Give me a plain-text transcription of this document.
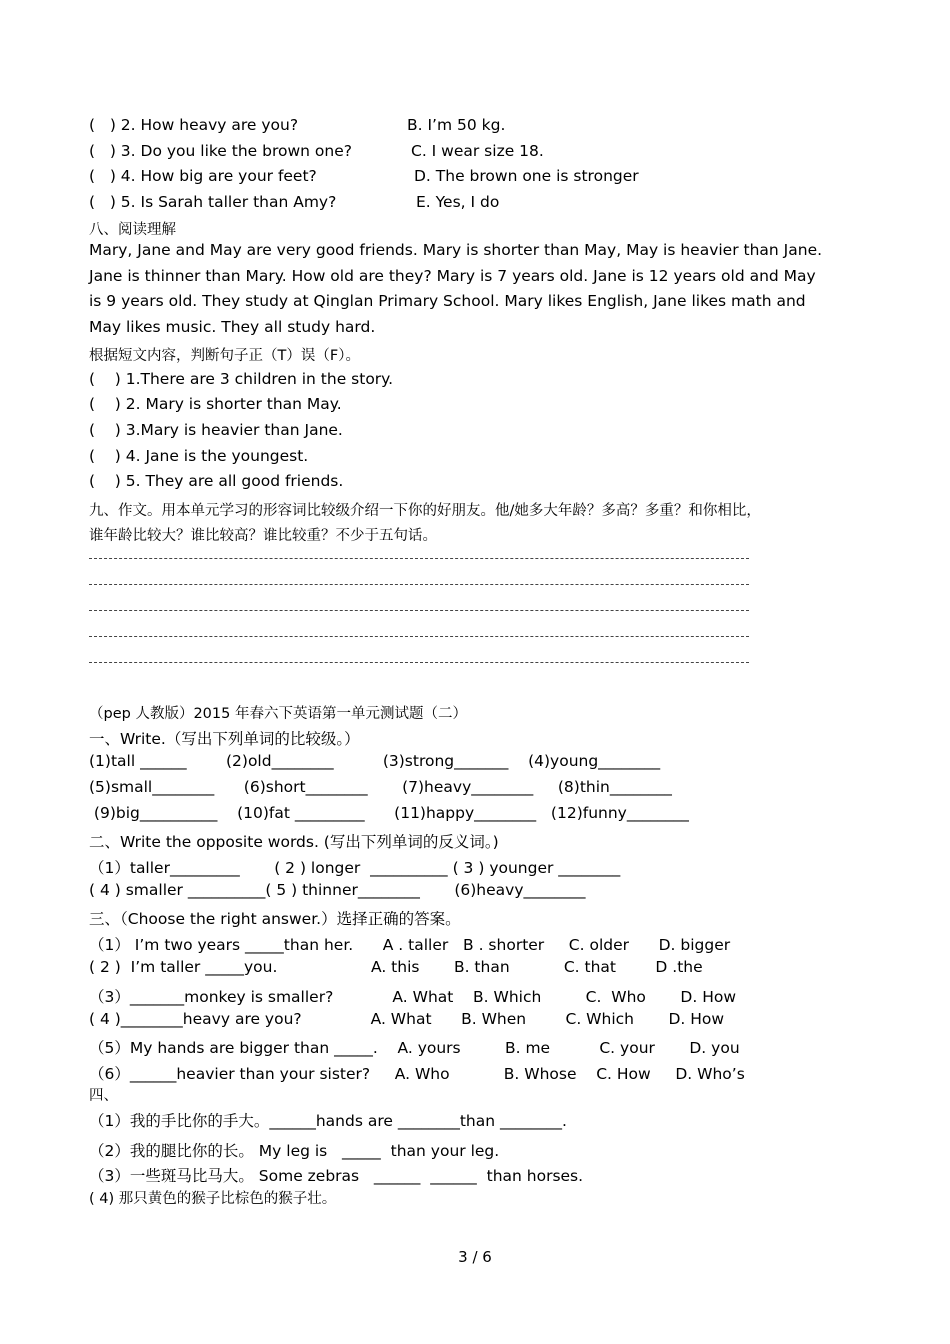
(   ) 2. How heavy are you?	B. I’m 50 kg.
(   ) 3. Do you like the brown one?	C. I wear size 18.
(   ) 4. How big are your feet?	D. The brown one is stronger
(   ) 5. Is Sarah taller than Amy?	E. Yes, I do
八、阅读理解
Mary, Jane and May are very good friends. Mary is shorter than May, May is heavier than Jane.
Jane is thinner than Mary. How old are they? Mary is 7 years old. Jane is 12 years old and May
is 9 years old. They study at Qinglan Primary School. Mary likes English, Jane likes math and
May likes music. They all study hard.
根据短文内容，判断句子正（T）误（F）。
(    ) 1.There are 3 children in the story.
(    ) 2. Mary is shorter than May.
(    ) 3.Mary is heavier than Jane.
(    ) 4. Jane is the youngest.
(    ) 5. They are all good friends.
九、作文。用本单元学习的形容词比较级介绍一下你的好朋友。他/她多大年龄？多高？多重？和你相比，
谁年龄比较大？谁比较高？谁比较重？不少于五句话。
（pep 人教版）2015 年春六下英语第一单元测试题（二）
一、Write.（写出下列单词的比较级。）
(1)tall ______        (2)old________          (3)strong_______    (4)young________
(5)small________      (6)short________       (7)heavy________     (8)thin________
(9)big__________    (10)fat _________      (11)happy________   (12)funny________
二、Write the opposite words. (写出下列单词的反义词。)
（1）taller_________       ( 2 ) longer  __________ ( 3 ) younger ________
( 4 ) smaller __________( 5 ) thinner________       (6)heavy________
三、（Choose the right answer.）选择正确的答案。
（1） I’m two years _____than her.      A . taller   B . shorter     C. older      D. bigger
( 2 )  I’m taller _____you.                   A. this       B. than           C. that        D .the
（3）_______monkey is smaller?            A. What    B. Which         C.  Who       D. How
( 4 )________heavy are you?              A. What      B. When        C. Which       D. How
（5）My hands are bigger than _____.    A. yours         B. me          C. your       D. you
（6）______heavier than your sister?     A. Who           B. Whose    C. How     D. Who’s
四、
（1）我的手比你的手大。______hands are ________than ________.
（2）我的腿比你的长。 My leg is   _____  than your leg.
（3）一些斑马比马大。 Some zebras   ______  ______  than horses.
( 4) 那只黄色的猴子比棕色的猴子壮。
3 / 6
